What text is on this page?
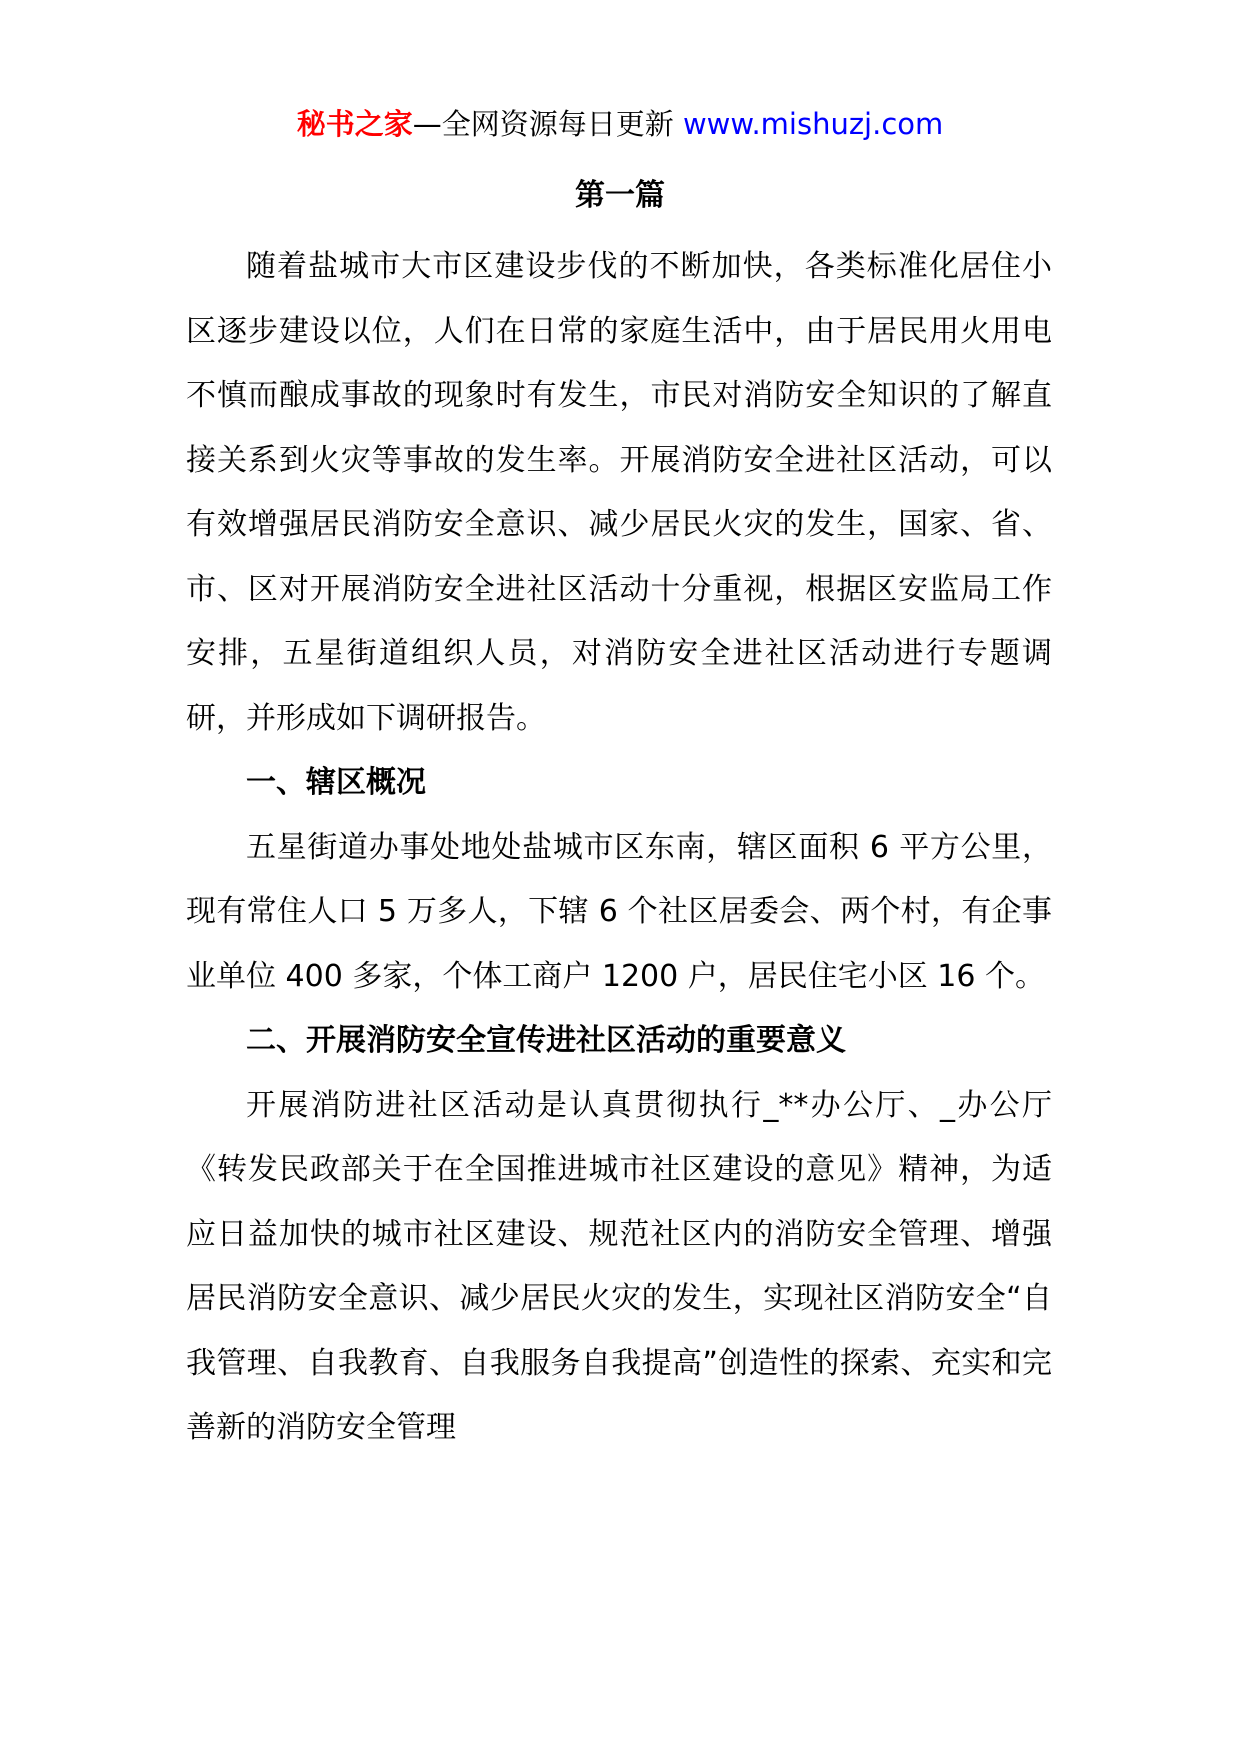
秘书之家—全网资源每日更新 www.mishuzj.com
第一篇

随着盐城市大市区建设步伐的不断加快，各类标准化居住小区逐步建设以位，人们在日常的家庭生活中，由于居民用火用电不慎而酿成事故的现象时有发生，市民对消防安全知识的了解直接关系到火灾等事故的发生率。开展消防安全进社区活动，可以有效增强居民消防安全意识、减少居民火灾的发生，国家、省、市、区对开展消防安全进社区活动十分重视，根据区安监局工作安排，五星街道组织人员，对消防安全进社区活动进行专题调研，并形成如下调研报告。

一、辖区概况

五星街道办事处地处盐城市区东南，辖区面积 6 平方公里，现有常住人口 5 万多人，下辖 6 个社区居委会、两个村，有企事业单位 400 多家，个体工商户 1200 户，居民住宅小区 16 个。

二、开展消防安全宣传进社区活动的重要意义

开展消防进社区活动是认真贯彻执行_**办公厅、_办公厅《转发民政部关于在全国推进城市社区建设的意见》精神，为适应日益加快的城市社区建设、规范社区内的消防安全管理、增强居民消防安全意识、减少居民火灾的发生，实现社区消防安全“自我管理、自我教育、自我服务自我提高”创造性的探索、充实和完善新的消防安全管理
